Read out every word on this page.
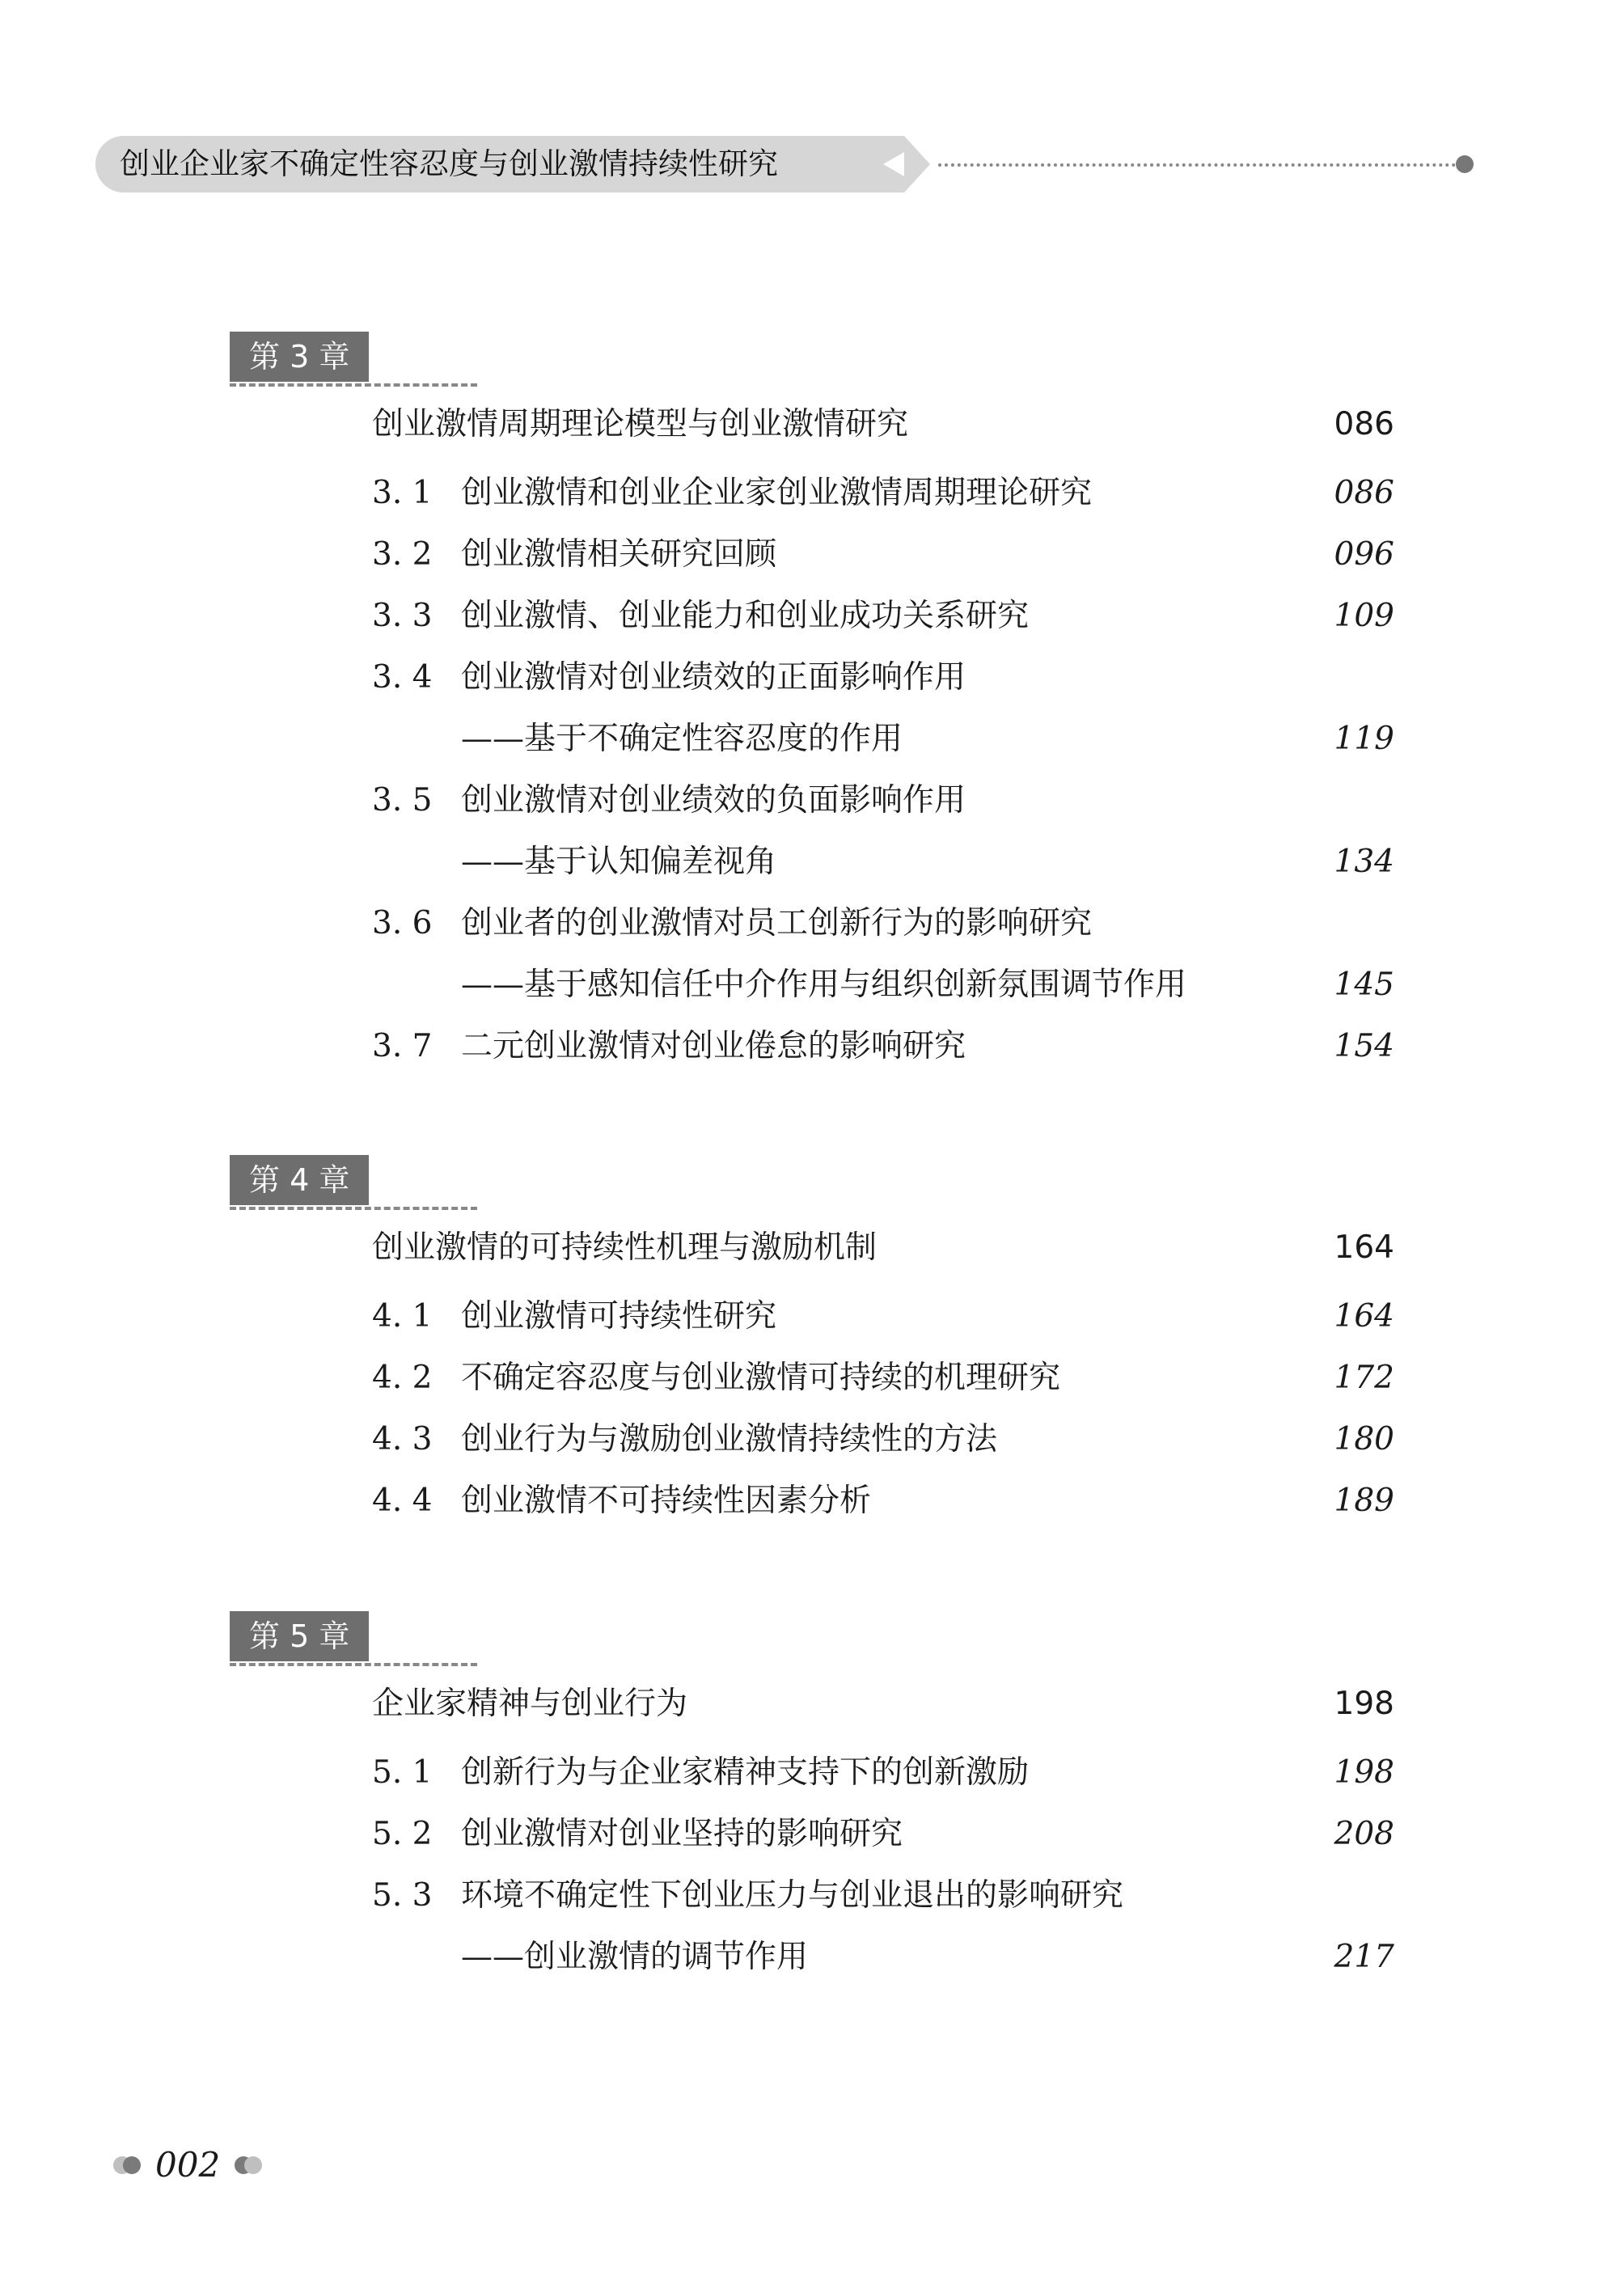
创业企业家不确定性容忍度与创业激情持续性研究
第 3 章
创业激情周期理论模型与创业激情研究	086
3. 1 创业激情和创业企业家创业激情周期理论研究	086
3. 2 创业激情相关研究回顾	096
3. 3 创业激情、创业能力和创业成功关系研究	109
3. 4 创业激情对创业绩效的正面影响作用
——基于不确定性容忍度的作用	119
3. 5 创业激情对创业绩效的负面影响作用
——基于认知偏差视角	134
3. 6 创业者的创业激情对员工创新行为的影响研究
——基于感知信任中介作用与组织创新氛围调节作用	145
3. 7 二元创业激情对创业倦怠的影响研究	154
第 4 章
创业激情的可持续性机理与激励机制	164
4. 1 创业激情可持续性研究	164
4. 2 不确定容忍度与创业激情可持续的机理研究	172
4. 3 创业行为与激励创业激情持续性的方法	180
4. 4 创业激情不可持续性因素分析	189
第 5 章
企业家精神与创业行为	198
5. 1 创新行为与企业家精神支持下的创新激励	198
5. 2 创业激情对创业坚持的影响研究	208
5. 3 环境不确定性下创业压力与创业退出的影响研究
——创业激情的调节作用	217
002
